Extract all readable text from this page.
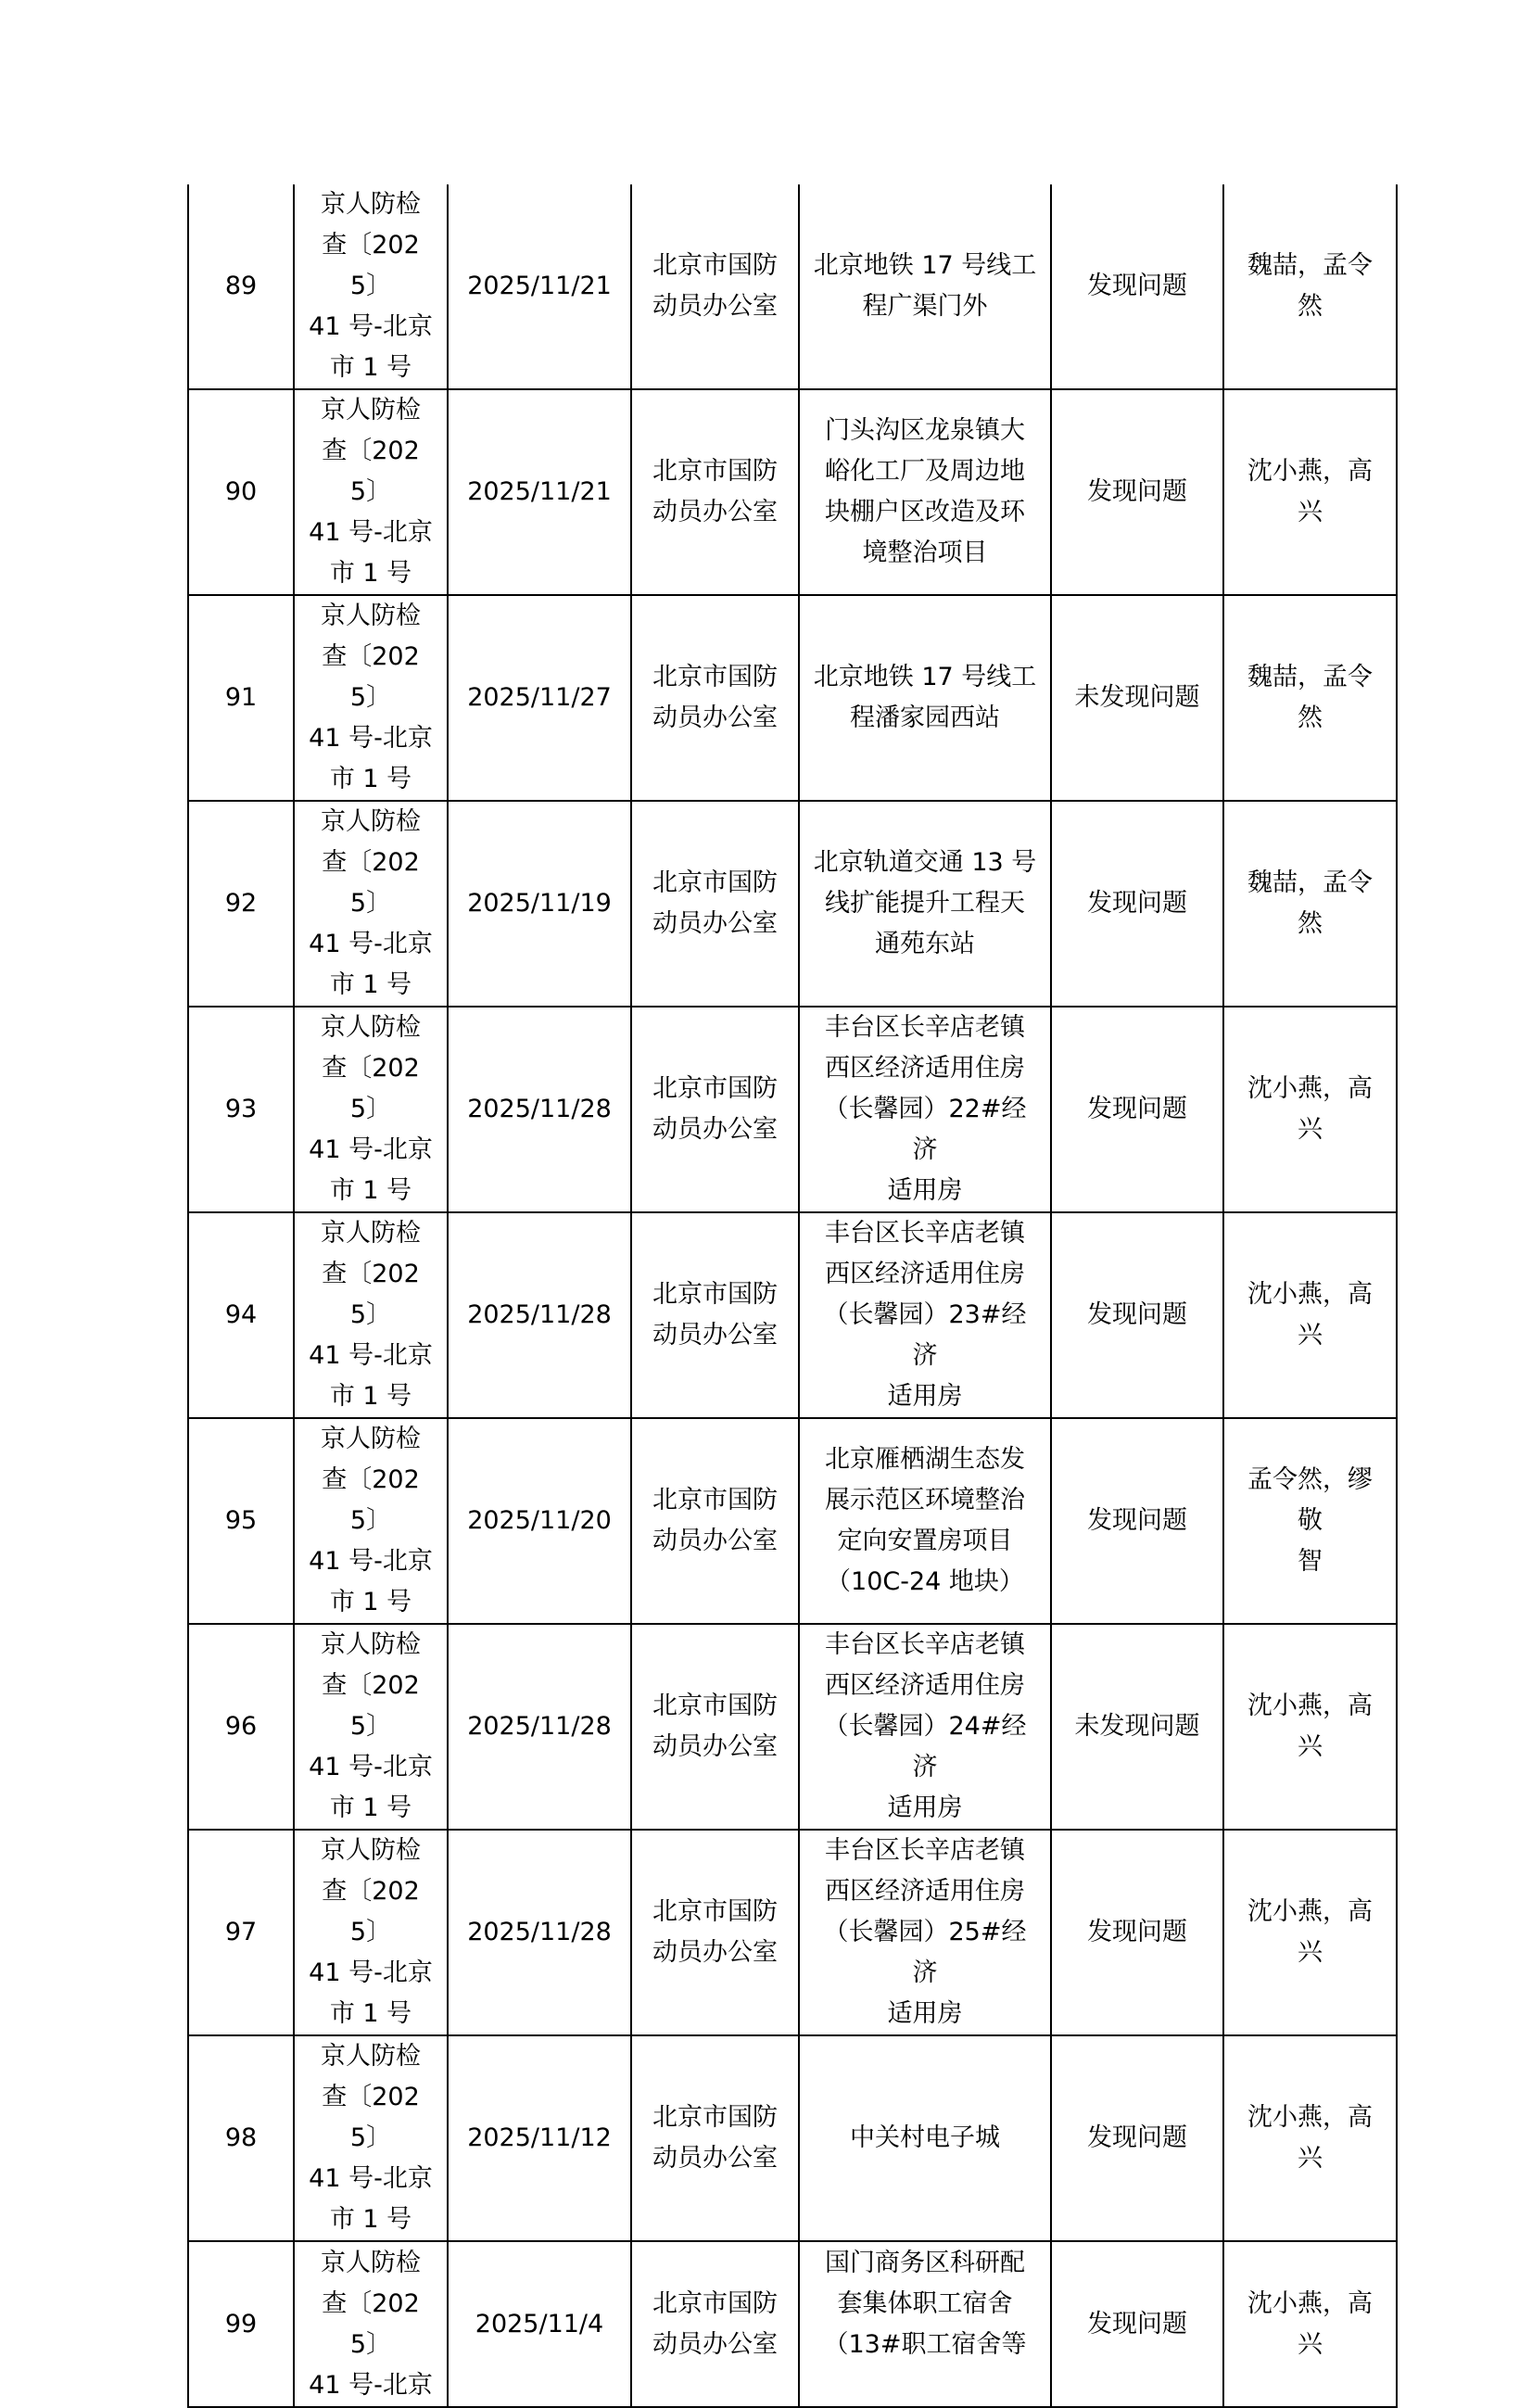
89	京人防检
查〔2025〕
41 号-北京
市 1 号	2025/11/21	北京市国防
动员办公室	北京地铁 17 号线工
程广渠门外	发现问题	魏喆，孟令然

90	京人防检
查〔2025〕
41 号-北京
市 1 号	2025/11/21	北京市国防
动员办公室	门头沟区龙泉镇大
峪化工厂及周边地
块棚户区改造及环
境整治项目	发现问题	沈小燕，高兴

91	京人防检
查〔2025〕
41 号-北京
市 1 号	2025/11/27	北京市国防
动员办公室	北京地铁 17 号线工
程潘家园西站	未发现问题	魏喆，孟令然

92	京人防检
查〔2025〕
41 号-北京
市 1 号	2025/11/19	北京市国防
动员办公室	北京轨道交通 13 号
线扩能提升工程天
通苑东站	发现问题	魏喆，孟令然

93	京人防检
查〔2025〕
41 号-北京
市 1 号	2025/11/28	北京市国防
动员办公室	丰台区长辛店老镇
西区经济适用住房
（长馨园）22#经济
适用房	发现问题	沈小燕，高兴

94	京人防检
查〔2025〕
41 号-北京
市 1 号	2025/11/28	北京市国防
动员办公室	丰台区长辛店老镇
西区经济适用住房
（长馨园）23#经济
适用房	发现问题	沈小燕，高兴

95	京人防检
查〔2025〕
41 号-北京
市 1 号	2025/11/20	北京市国防
动员办公室	北京雁栖湖生态发
展示范区环境整治
定向安置房项目
（10C-24 地块）	发现问题	孟令然，缪敬
智

96	京人防检
查〔2025〕
41 号-北京
市 1 号	2025/11/28	北京市国防
动员办公室	丰台区长辛店老镇
西区经济适用住房
（长馨园）24#经济
适用房	未发现问题	沈小燕，高兴

97	京人防检
查〔2025〕
41 号-北京
市 1 号	2025/11/28	北京市国防
动员办公室	丰台区长辛店老镇
西区经济适用住房
（长馨园）25#经济
适用房	发现问题	沈小燕，高兴

98	京人防检
查〔2025〕
41 号-北京
市 1 号	2025/11/12	北京市国防
动员办公室	中关村电子城	发现问题	沈小燕，高兴

99	京人防检
查〔2025〕
41 号-北京	2025/11/4	北京市国防
动员办公室	国门商务区科研配
套集体职工宿舍
（13#职工宿舍等	发现问题	沈小燕，高兴
